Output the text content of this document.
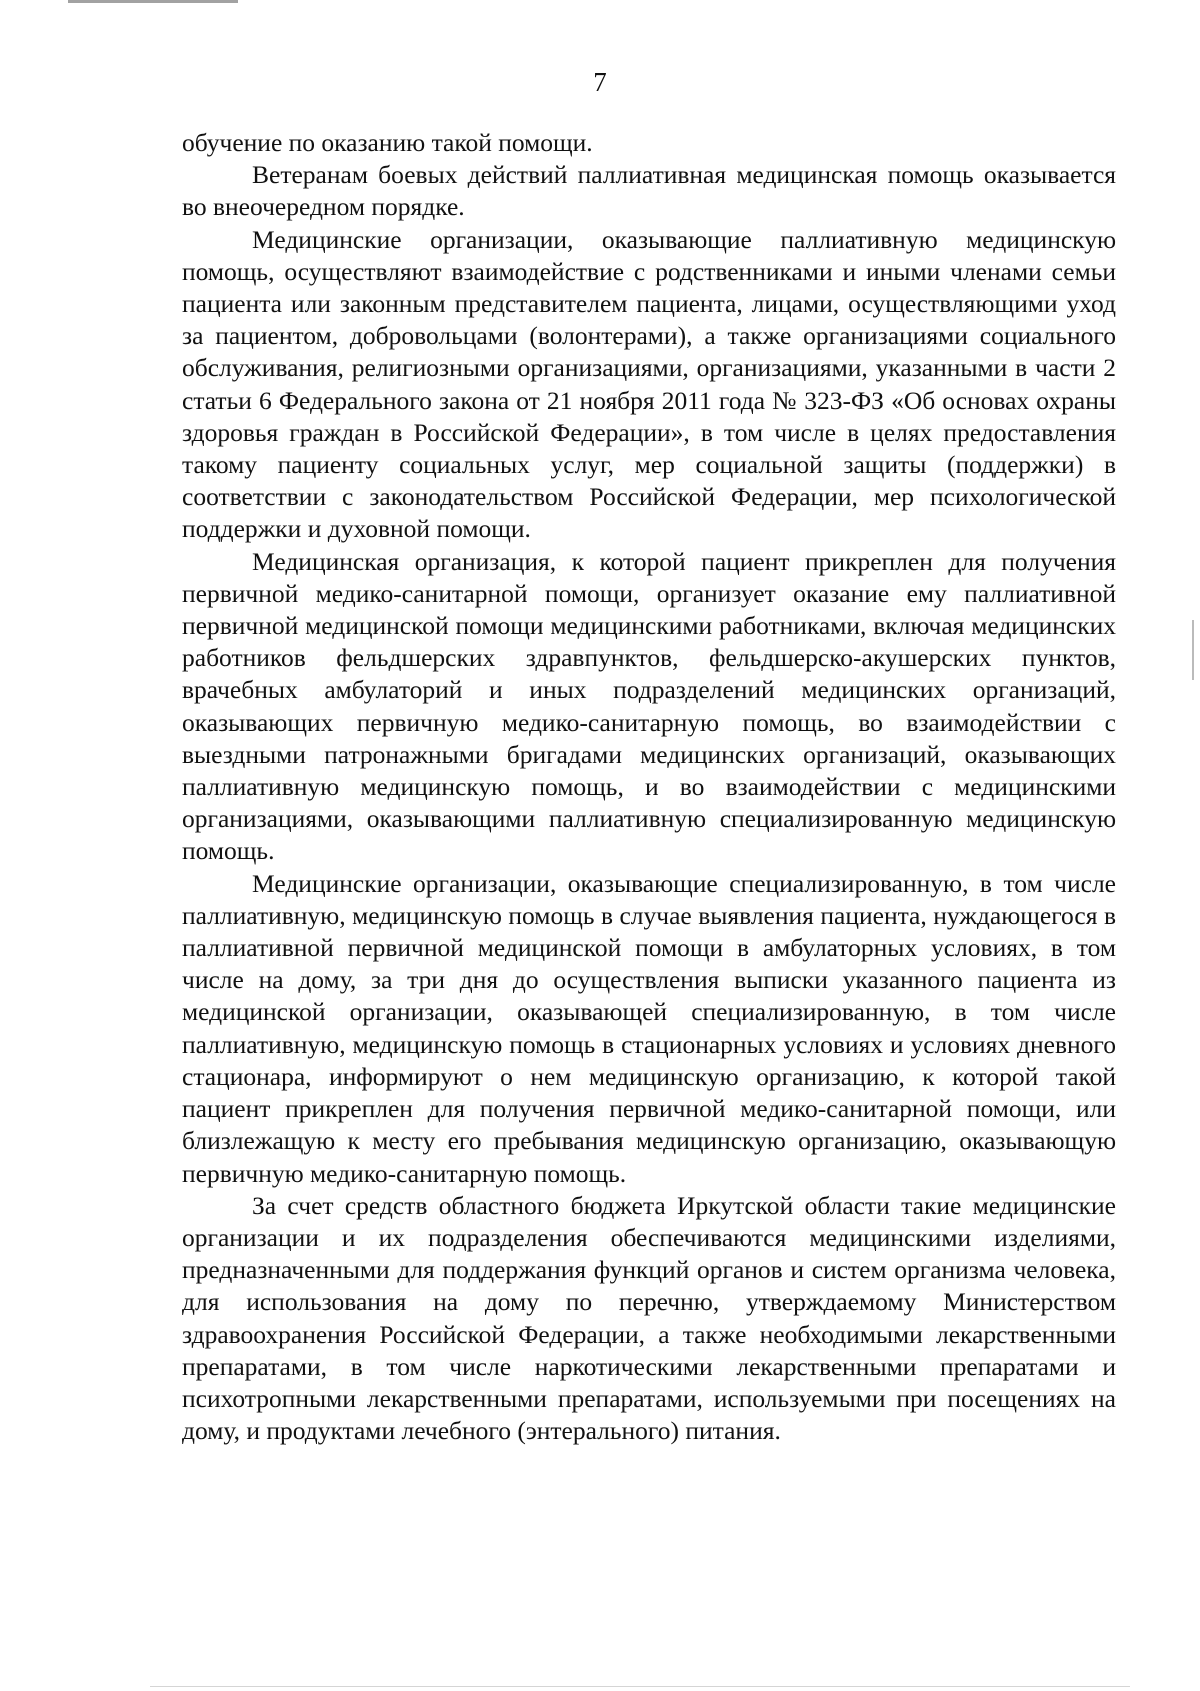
7

обучение по оказанию такой помощи.

Ветеранам боевых действий паллиативная медицинская помощь оказывается во внеочередном порядке.

Медицинские организации, оказывающие паллиативную медицинскую помощь, осуществляют взаимодействие с родственниками и иными членами семьи пациента или законным представителем пациента, лицами, осуществляющими уход за пациентом, добровольцами (волонтерами), а также организациями социального обслуживания, религиозными организациями, организациями, указанными в части 2 статьи 6 Федерального закона от 21 ноября 2011 года № 323-ФЗ «Об основах охраны здоровья граждан в Российской Федерации», в том числе в целях предоставления такому пациенту социальных услуг, мер социальной защиты (поддержки) в соответствии с законодательством Российской Федерации, мер психологической поддержки и духовной помощи.

Медицинская организация, к которой пациент прикреплен для получения первичной медико-санитарной помощи, организует оказание ему паллиативной первичной медицинской помощи медицинскими работниками, включая медицинских работников фельдшерских здравпунктов, фельдшерско-акушерских пунктов, врачебных амбулаторий и иных подразделений медицинских организаций, оказывающих первичную медико-санитарную помощь, во взаимодействии с выездными патронажными бригадами медицинских организаций, оказывающих паллиативную медицинскую помощь, и во взаимодействии с медицинскими организациями, оказывающими паллиативную специализированную медицинскую помощь.

Медицинские организации, оказывающие специализированную, в том числе паллиативную, медицинскую помощь в случае выявления пациента, нуждающегося в паллиативной первичной медицинской помощи в амбулаторных условиях, в том числе на дому, за три дня до осуществления выписки указанного пациента из медицинской организации, оказывающей специализированную, в том числе паллиативную, медицинскую помощь в стационарных условиях и условиях дневного стационара, информируют о нем медицинскую организацию, к которой такой пациент прикреплен для получения первичной медико-санитарной помощи, или близлежащую к месту его пребывания медицинскую организацию, оказывающую первичную медико-санитарную помощь.

За счет средств областного бюджета Иркутской области такие медицинские организации и их подразделения обеспечиваются медицинскими изделиями, предназначенными для поддержания функций органов и систем организма человека, для использования на дому по перечню, утверждаемому Министерством здравоохранения Российской Федерации, а также необходимыми лекарственными препаратами, в том числе наркотическими лекарственными препаратами и психотропными лекарственными препаратами, используемыми при посещениях на дому, и продуктами лечебного (энтерального) питания.
